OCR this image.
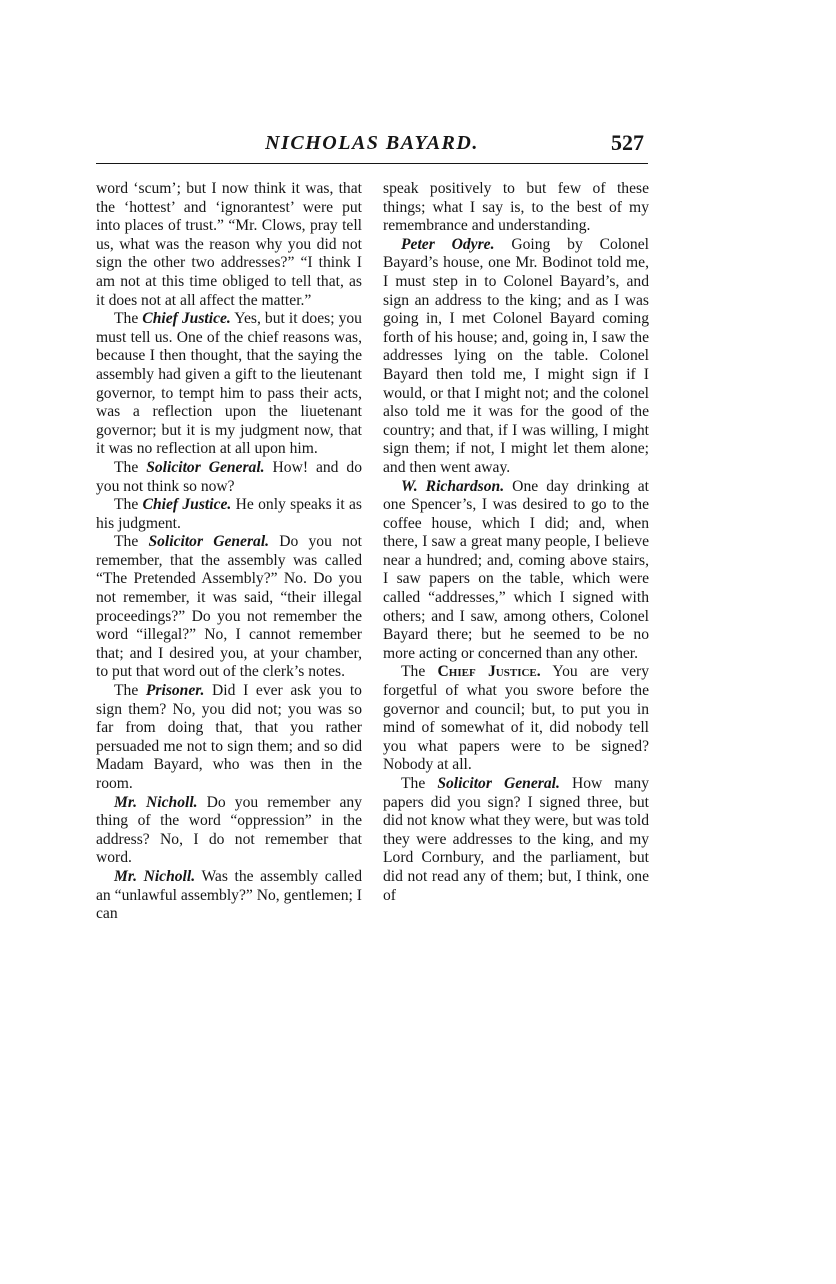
NICHOLAS BAYARD.	527

word ‘scum’; but I now think it was, that the ‘hottest’ and ‘ignorantest’ were put into places of trust.” “Mr. Clows, pray tell us, what was the reason why you did not sign the other two addresses?” “I think I am not at this time obliged to tell that, as it does not at all affect the matter.”

The Chief Justice. Yes, but it does; you must tell us. One of the chief reasons was, because I then thought, that the saying the assembly had given a gift to the lieutenant governor, to tempt him to pass their acts, was a reflection upon the liuetenant governor; but it is my judgment now, that it was no reflection at all upon him.

The Solicitor General. How! and do you not think so now?

The Chief Justice. He only speaks it as his judgment.

The Solicitor General. Do you not remember, that the assembly was called “The Pretended Assembly?” No. Do you not remember, it was said, “their illegal proceedings?” Do you not remember the word “illegal?” No, I cannot remember that; and I desired you, at your chamber, to put that word out of the clerk’s notes.

The Prisoner. Did I ever ask you to sign them? No, you did not; you was so far from doing that, that you rather persuaded me not to sign them; and so did Madam Bayard, who was then in the room.

Mr. Nicholl. Do you remember any thing of the word “oppression” in the address? No, I do not remember that word.

Mr. Nicholl. Was the assembly called an “unlawful assembly?” No, gentlemen; I can

speak positively to but few of these things; what I say is, to the best of my remembrance and understanding.

Peter Odyre. Going by Colonel Bayard’s house, one Mr. Bodinot told me, I must step in to Colonel Bayard’s, and sign an address to the king; and as I was going in, I met Colonel Bayard coming forth of his house; and, going in, I saw the addresses lying on the table. Colonel Bayard then told me, I might sign if I would, or that I might not; and the colonel also told me it was for the good of the country; and that, if I was willing, I might sign them; if not, I might let them alone; and then went away.

W. Richardson. One day drinking at one Spencer’s, I was desired to go to the coffee house, which I did; and, when there, I saw a great many people, I believe near a hundred; and, coming above stairs, I saw papers on the table, which were called “addresses,” which I signed with others; and I saw, among others, Colonel Bayard there; but he seemed to be no more acting or concerned than any other.

The Chief Justice. You are very forgetful of what you swore before the governor and council; but, to put you in mind of somewhat of it, did nobody tell you what papers were to be signed? Nobody at all.

The Solicitor General. How many papers did you sign? I signed three, but did not know what they were, but was told they were addresses to the king, and my Lord Cornbury, and the parliament, but did not read any of them; but, I think, one of
